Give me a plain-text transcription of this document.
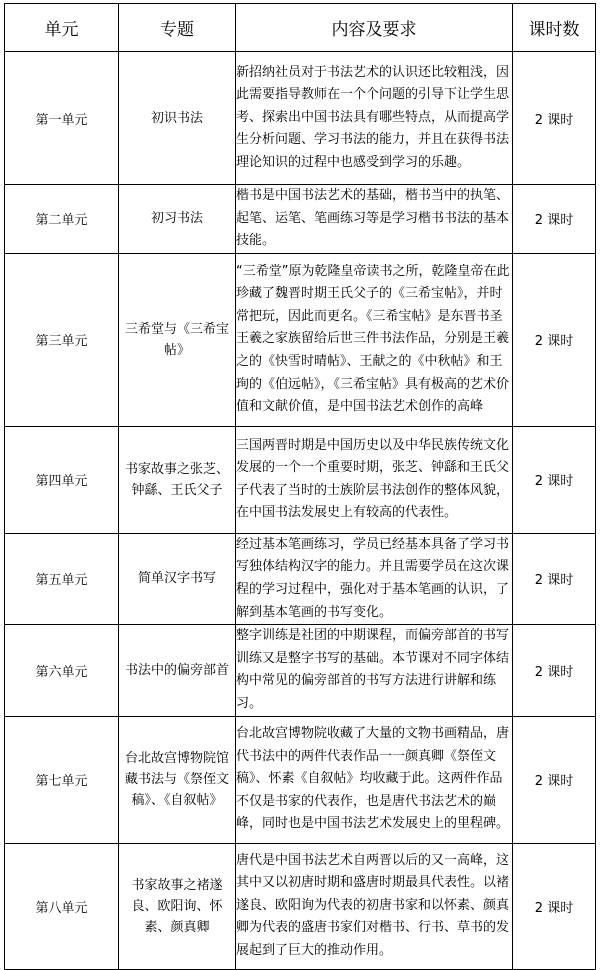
单元	专题	内容及要求	课时数
第一单元	初识书法	新招纳社员对于书法艺术的认识还比较粗浅，因此需要指导教师在一个个问题的引导下让学生思考、探索出中国书法具有哪些特点，从而提高学生分析问题、学习书法的能力，并且在获得书法理论知识的过程中也感受到学习的乐趣。	2 课时
第二单元	初习书法	楷书是中国书法艺术的基础，楷书当中的执笔、起笔、运笔、笔画练习等是学习楷书书法的基本技能。	2 课时
第三单元	三希堂与《三希宝帖》	“三希堂”原为乾隆皇帝读书之所，乾隆皇帝在此珍藏了魏晋时期王氏父子的《三希宝帖》，并时常把玩，因此而更名。《三希宝帖》是东晋书圣王羲之家族留给后世三件书法作品，分别是王羲之的《快雪时晴帖》、王献之的《中秋帖》和王珣的《伯远帖》，《三希宝帖》具有极高的艺术价值和文献价值，是中国书法艺术创作的高峰	2 课时
第四单元	书家故事之张芝、钟繇、王氏父子	三国两晋时期是中国历史以及中华民族传统文化发展的一个一个重要时期，张芝、钟繇和王氏父子代表了当时的士族阶层书法创作的整体风貌，在中国书法发展史上有较高的代表性。	2 课时
第五单元	简单汉字书写	经过基本笔画练习，学员已经基本具备了学习书写独体结构汉字的能力。并且需要学员在这次课程的学习过程中，强化对于基本笔画的认识，了解到基本笔画的书写变化。	2 课时
第六单元	书法中的偏旁部首	整字训练是社团的中期课程，而偏旁部首的书写训练又是整字书写的基础。本节课对不同字体结构中常见的偏旁部首的书写方法进行讲解和练习。	2 课时
第七单元	台北故宫博物院馆藏书法与《祭侄文稿》、《自叙帖》	台北故宫博物院收藏了大量的文物书画精品，唐代书法中的两件代表作品一一颜真卿《祭侄文稿》、怀素《自叙帖》均收藏于此。这两件作品不仅是书家的代表作，也是唐代书法艺术的巅峰，同时也是中国书法艺术发展史上的里程碑。	2 课时
第八单元	书家故事之褚遂良、欧阳询、怀素、颜真卿	唐代是中国书法艺术自两晋以后的又一高峰，这其中又以初唐时期和盛唐时期最具代表性。以褚遂良、欧阳询为代表的初唐书家和以怀素、颜真卿为代表的盛唐书家们对楷书、行书、草书的发展起到了巨大的推动作用。	2 课时
